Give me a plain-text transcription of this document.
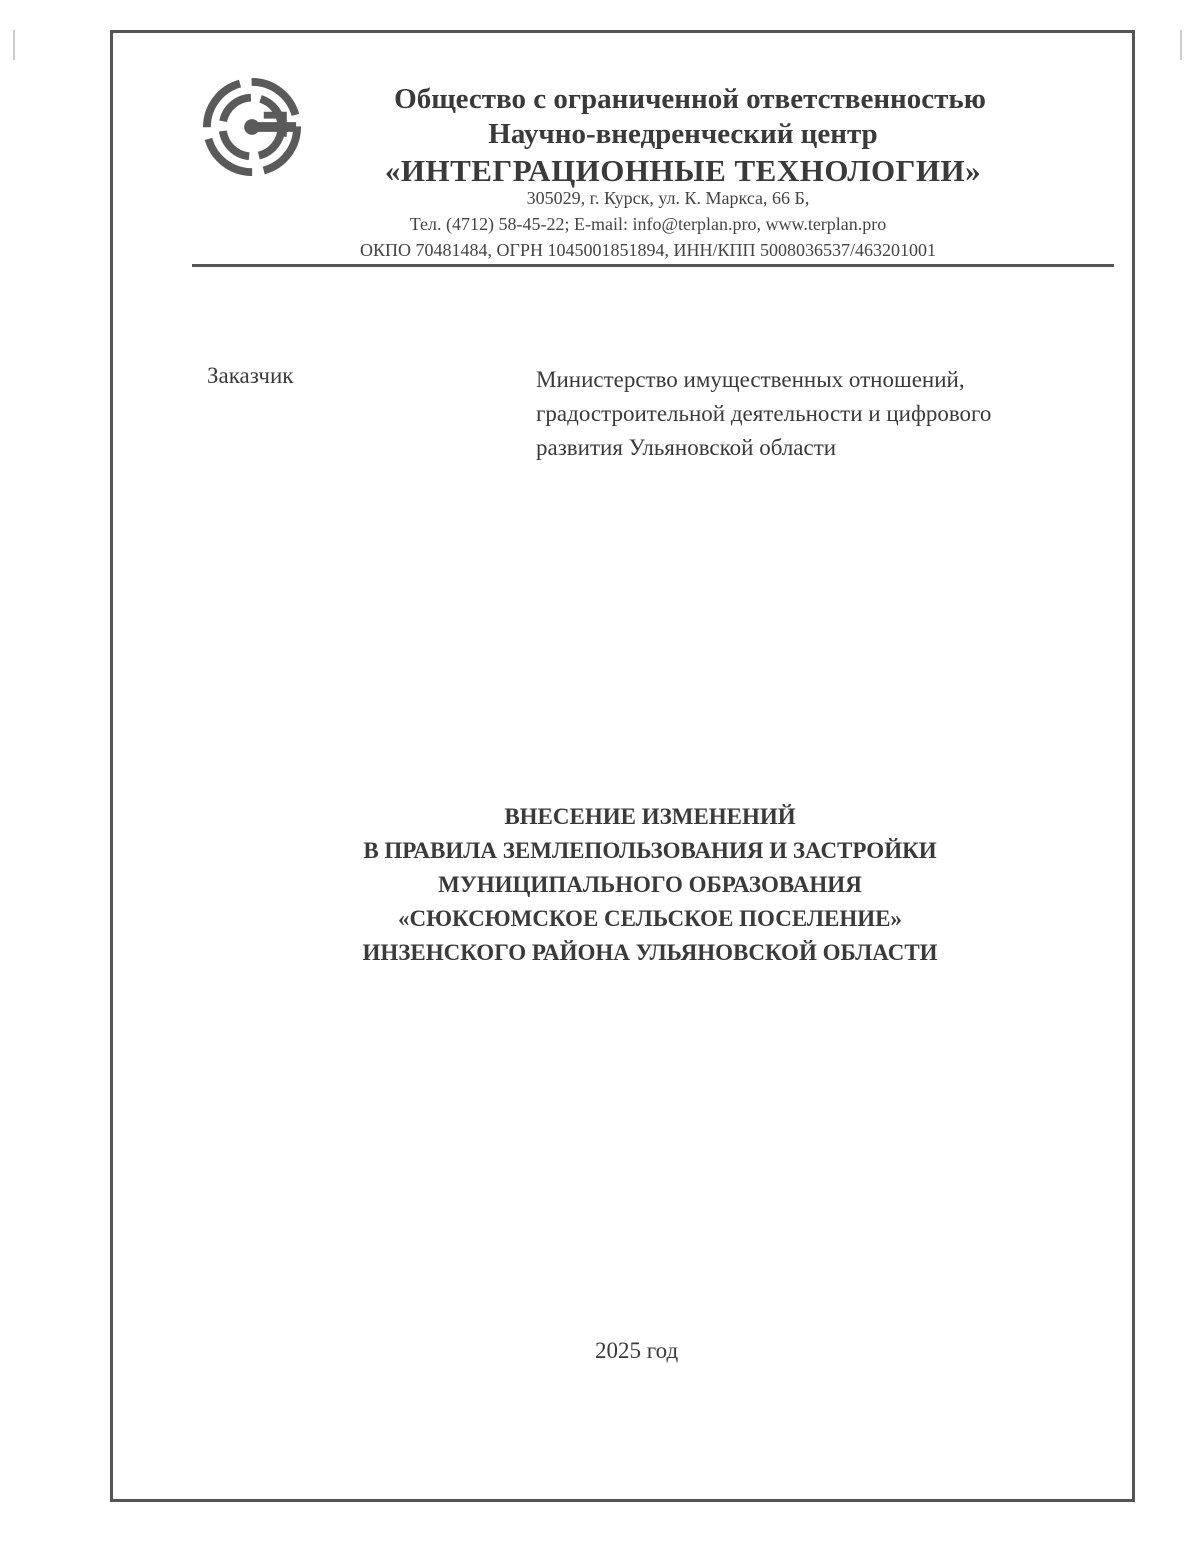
Общество с ограниченной ответственностью
Научно-внедренческий центр
«ИНТЕГРАЦИОННЫЕ ТЕХНОЛОГИИ»
305029, г. Курск, ул. К. Маркса, 66 Б,
Тел. (4712) 58-45-22; E-mail: info@terplan.pro, www.terplan.pro
ОКПО 70481484, ОГРН 1045001851894, ИНН/КПП 5008036537/463201001
Заказчик	Министерство имущественных отношений,
градостроительной деятельности и цифрового
развития Ульяновской области
ВНЕСЕНИЕ ИЗМЕНЕНИЙ
В ПРАВИЛА ЗЕМЛЕПОЛЬЗОВАНИЯ И ЗАСТРОЙКИ
МУНИЦИПАЛЬНОГО ОБРАЗОВАНИЯ
«СЮКСЮМСКОЕ СЕЛЬСКОЕ ПОСЕЛЕНИЕ»
ИНЗЕНСКОГО РАЙОНА УЛЬЯНОВСКОЙ ОБЛАСТИ
2025 год
